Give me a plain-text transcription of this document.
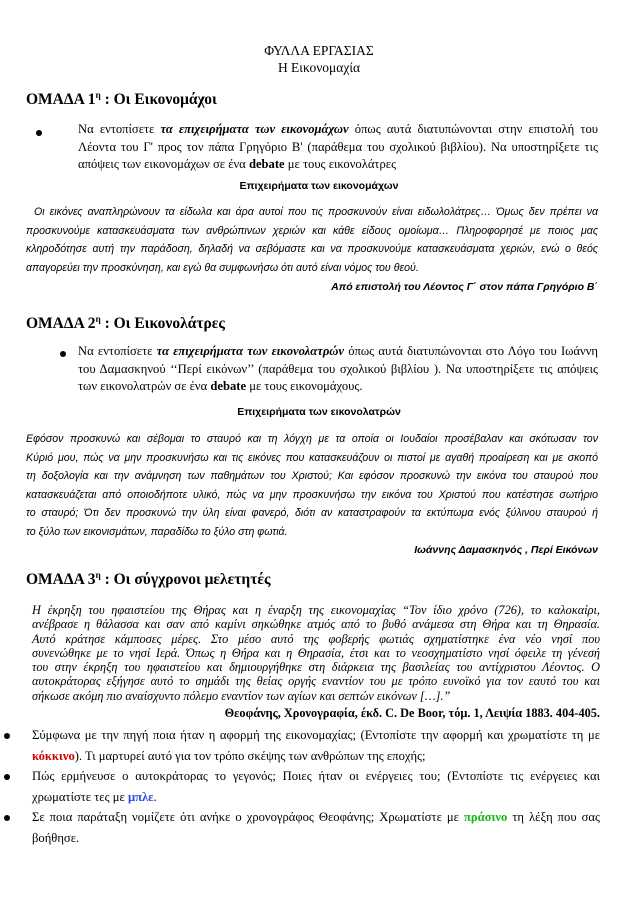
ΦΥΛΛΑ ΕΡΓΑΣΙΑΣ
Η Εικονομαχία
ΟΜΑΔΑ $1^\eta$ : Οι Εικονομάχοι
Να εντοπίσετε τα επιχειρήματα των εικονομάχων όπως αυτά διατυπώνονται στην επιστολή του Λέοντα του Γ' προς τον πάπα Γρηγόριο Β' (παράθεμα του σχολικού βιβλίου). Να υποστηρίξετε τις απόψεις των εικονομάχων σε ένα debate με τους εικονολάτρες
Επιχειρήματα των εικονομάχων
Οι εικόνες αναπληρώνουν τα είδωλα και άρα αυτοί που τις προσκυνούν είναι ειδωλολάτρες… Όμως δεν πρέπει να
προσκυνούμε κατασκευάσματα των ανθρώπινων χεριών και κάθε είδους ομοίωμα… Πληροφορησέ με ποιος μας
κληροδότησε αυτή την παράδοση, δηλαδή να σεβόμαστε και να προσκυνούμε κατασκευάσματα χεριών, ενώ ο θεός
απαγορεύει την προσκύνηση, και εγώ θα συμφωνήσω ότι αυτό είναι νόμος του θεού.
Από επιστολή του Λέοντος Γ΄ στον πάπα Γρηγόριο Β΄
ΟΜΑΔΑ $2^\eta$ : Οι Εικονολάτρες
Να εντοπίσετε τα επιχειρήματα των εικονολατρών όπως αυτά διατυπώνονται στο Λόγο του Ιωάννη του Δαμασκηνού ‘‘Περί εικόνων’’ (παράθεμα του σχολικού βιβλίου ). Να υποστηρίξετε τις απόψεις των εικονολατρών σε ένα debate με τους εικονομάχους.
Επιχειρήματα των εικονολατρών
Εφόσον προσκυνώ και σέβομαι το σταυρό και τη λόγχη με τα οποία οι Ιουδαίοι προσέβαλαν και σκότωσαν τον
Κύριό μου, πώς να μην προσκυνήσω και τις εικόνες που κατασκευάζουν οι πιστοί με αγαθή προαίρεση και με σκοπό
τη δοξολογία και την ανάμνηση των παθημάτων του Χριστού; Και εφόσον προσκυνώ την εικόνα του σταυρού που
κατασκευάζεται από οποιοδήποτε υλικό, πώς να μην προσκυνήσω την εικόνα του Χριστού που κατέστησε σωτήριο
το σταυρό; Ότι δεν προσκυνώ την ύλη είναι φανερό, διότι αν καταστραφούν τα εκτύπωμα ενός ξύλινου σταυρού ή
το ξύλο των εικονισμάτων, παραδίδω το ξύλο στη φωτιά.
Ιωάννης Δαμασκηνός , Περί Εικόνων
ΟΜΑΔΑ $3^\eta$ : Οι σύγχρονοι μελετητές
Η έκρηξη του ηφαιστείου της Θήρας και η έναρξη της εικονομαχίας “Τον ίδιο χρόνο (726), το καλοκαίρι,
ανέβρασε η θάλασσα και σαν από καμίνι σηκώθηκε ατμός από το βυθό ανάμεσα στη Θήρα και τη Θηρασία.
Αυτό κράτησε κάμποσες μέρες. Στο μέσο αυτό της φοβερής φωτιάς σχηματίστηκε ένα νέο νησί που
συνενώθηκε με το νησί Ιερά. Όπως η Θήρα και η Θηρασία, έτσι και το νεοσχηματίστο νησί όφειλε τη γένεσή
του στην έκρηξη του ηφαιστείου και δημιουργήθηκε στη διάρκεια της βασιλείας του αντίχριστου Λέοντος. Ο
αυτοκράτορας εξήγησε αυτό το σημάδι της θείας οργής εναντίον του με τρόπο ευνοϊκό για τον εαυτό του και
σήκωσε ακόμη πιο αναίσχυντο πόλεμο εναντίον των αγίων και σεπτών εικόνων […].”
Θεοφάνης, Χρονογραφία, έκδ. C. De Boor, τόμ. 1, Λειψία 1883. 404-405.
Σύμφωνα με την πηγή ποια ήταν η αφορμή της εικονομαχίας; (Εντοπίστε την αφορμή και χρωματίστε τη με
κόκκινο). Τι μαρτυρεί αυτό για τον τρόπο σκέψης των ανθρώπων της εποχής;
Πώς ερμήνευσε ο αυτοκράτορας το γεγονός; Ποιες ήταν οι ενέργειες του; (Εντοπίστε τις ενέργειες και
χρωματίστε τες με μπλε.
Σε ποια παράταξη νομίζετε ότι ανήκε ο χρονογράφος Θεοφάνης; Χρωματίστε με πράσινο τη λέξη που σας
βοήθησε.
